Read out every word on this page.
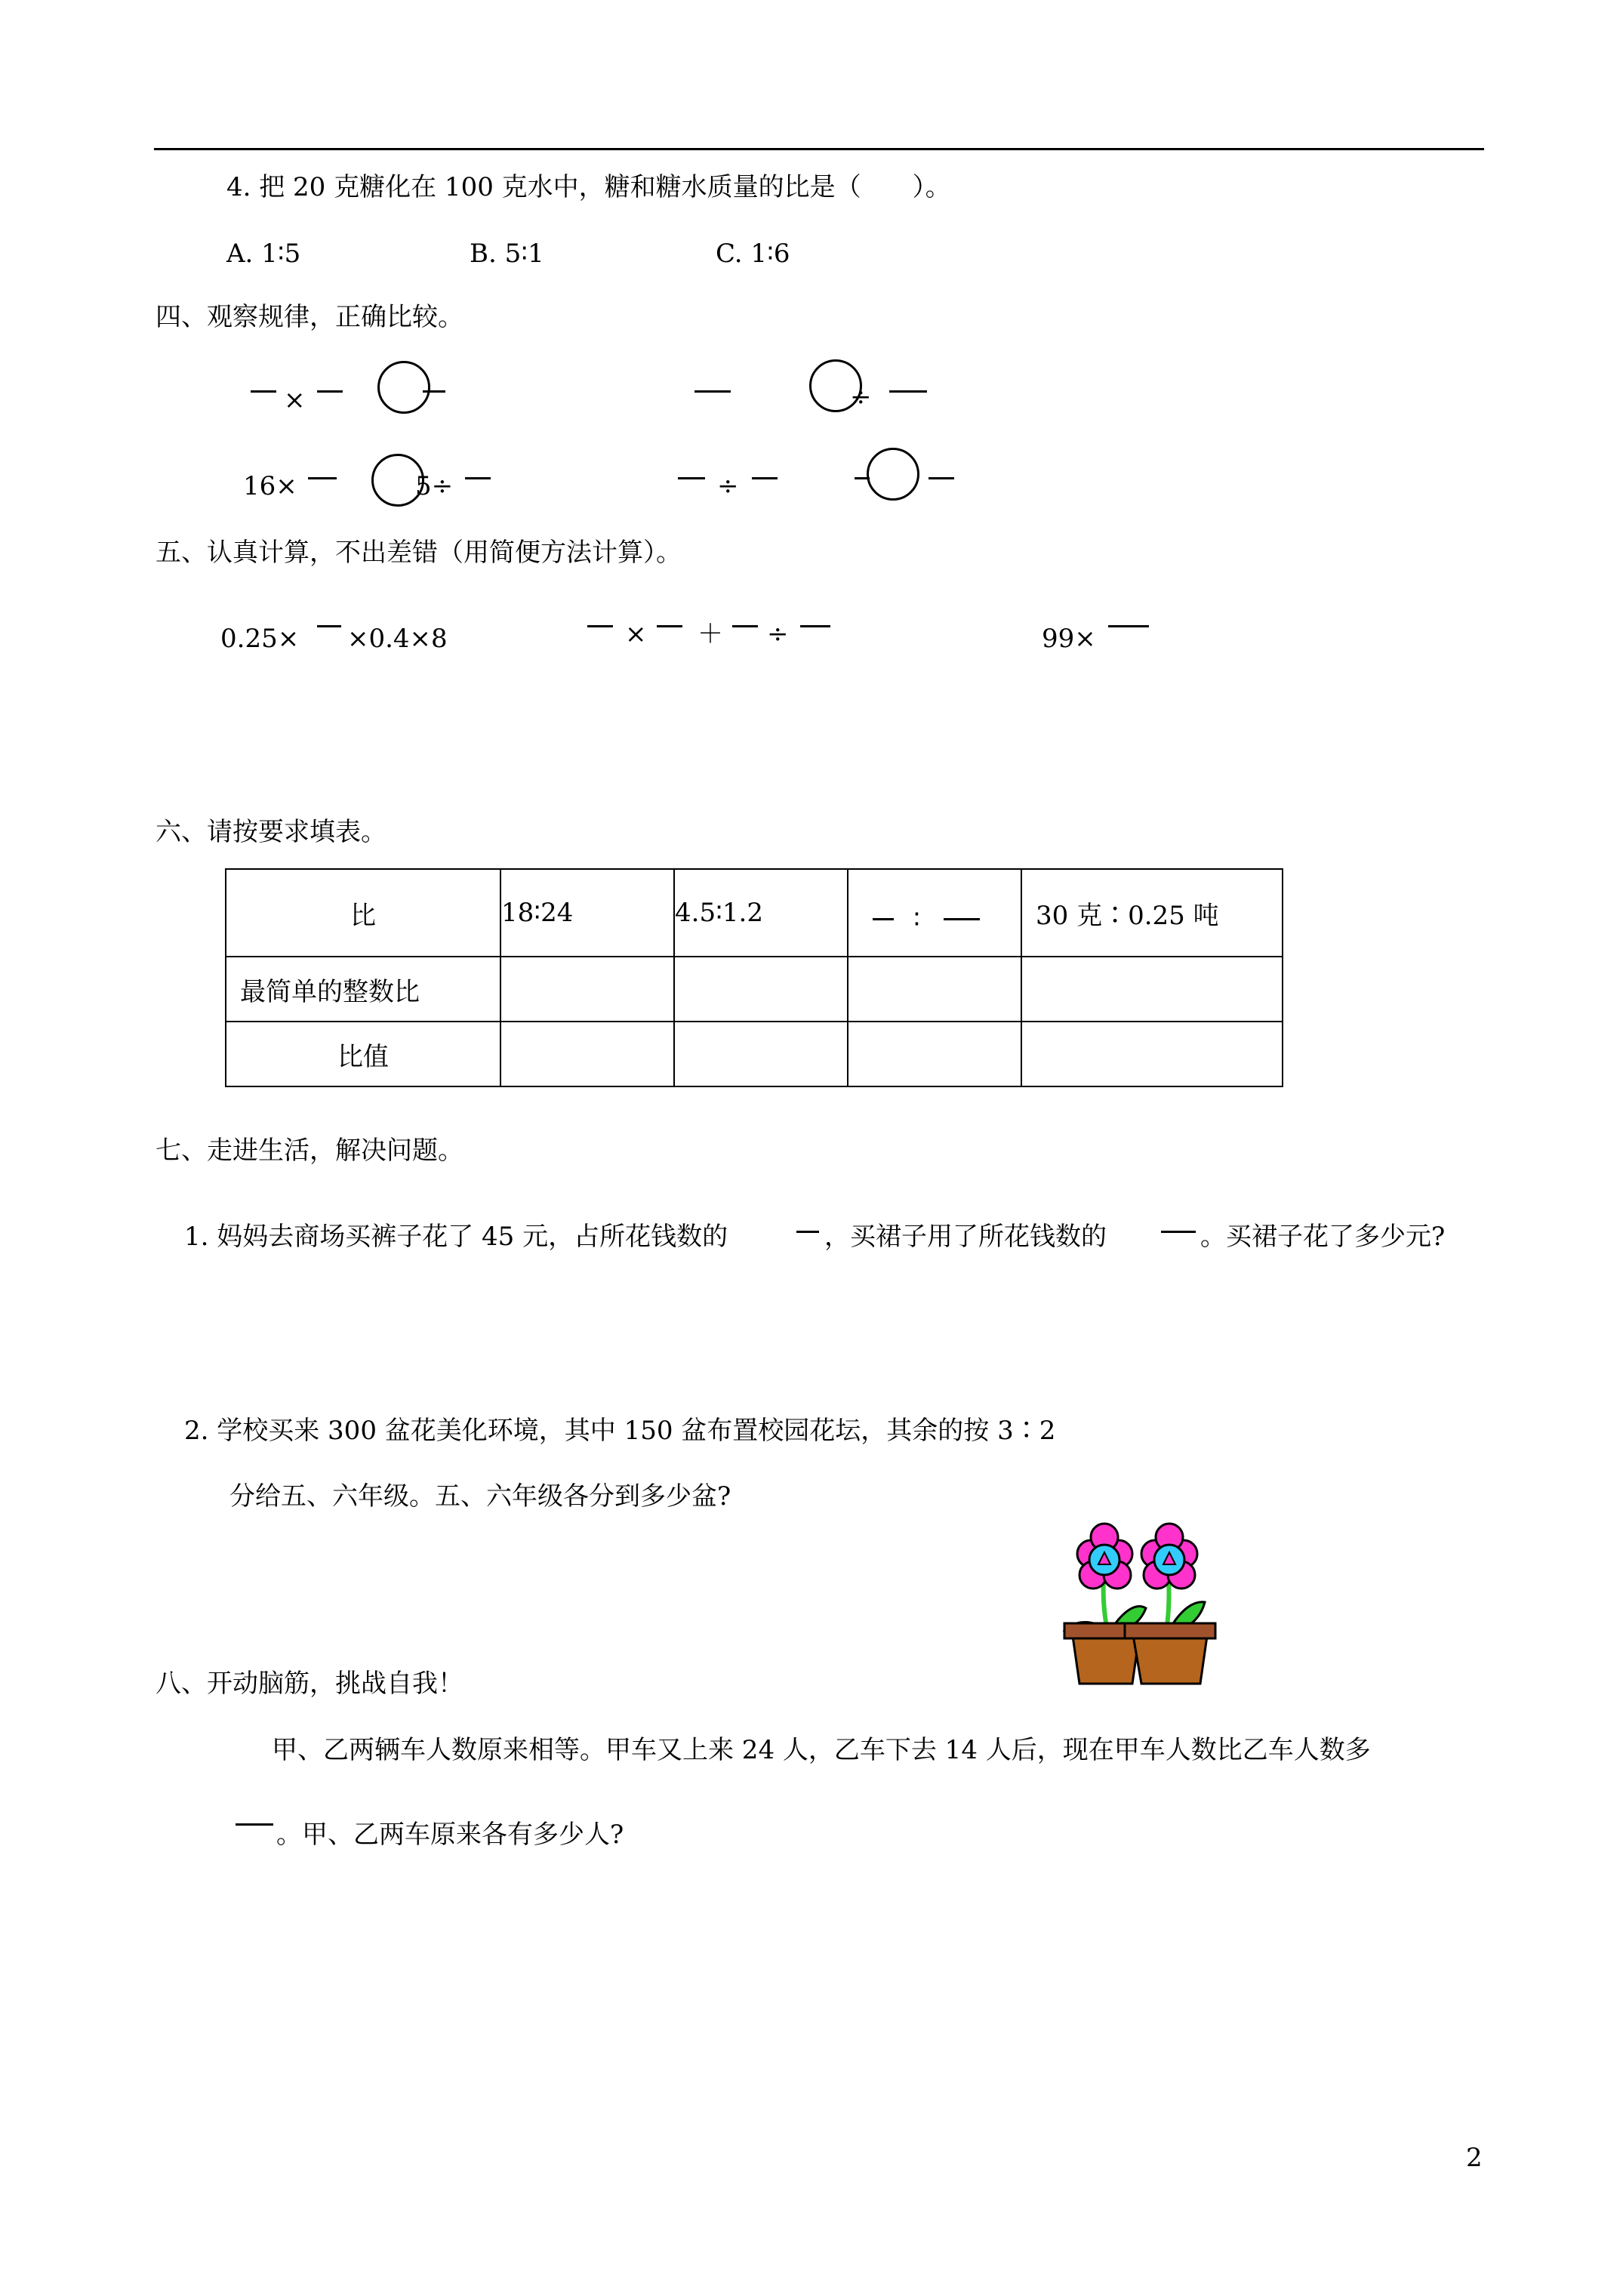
4. 把 20 克糖化在 100 克水中，糖和糖水质量的比是（　　）。
A. 1∶5	B. 5∶1	C. 1∶6
四、观察规律，正确比较。
×	÷
16×	5÷	÷
五、认真计算，不出差错（用简便方法计算）。
0.25× ×0.4×8	× ＋ ÷	99×
六、请按要求填表。
比	18∶24	4.5∶1.2	∶	30 克∶0.25 吨
最简单的整数比				
比值				
七、走进生活，解决问题。
1. 妈妈去商场买裤子花了 45 元，占所花钱数的	，买裙子用了所花钱数的	。买裙子花了多少元?
2. 学校买来 300 盆花美化环境，其中 150 盆布置校园花坛，其余的按 3∶2
分给五、六年级。五、六年级各分到多少盆?
八、开动脑筋，挑战自我！
甲、乙两辆车人数原来相等。甲车又上来 24 人，乙车下去 14 人后，现在甲车人数比乙车人数多
。甲、乙两车原来各有多少人?
2
